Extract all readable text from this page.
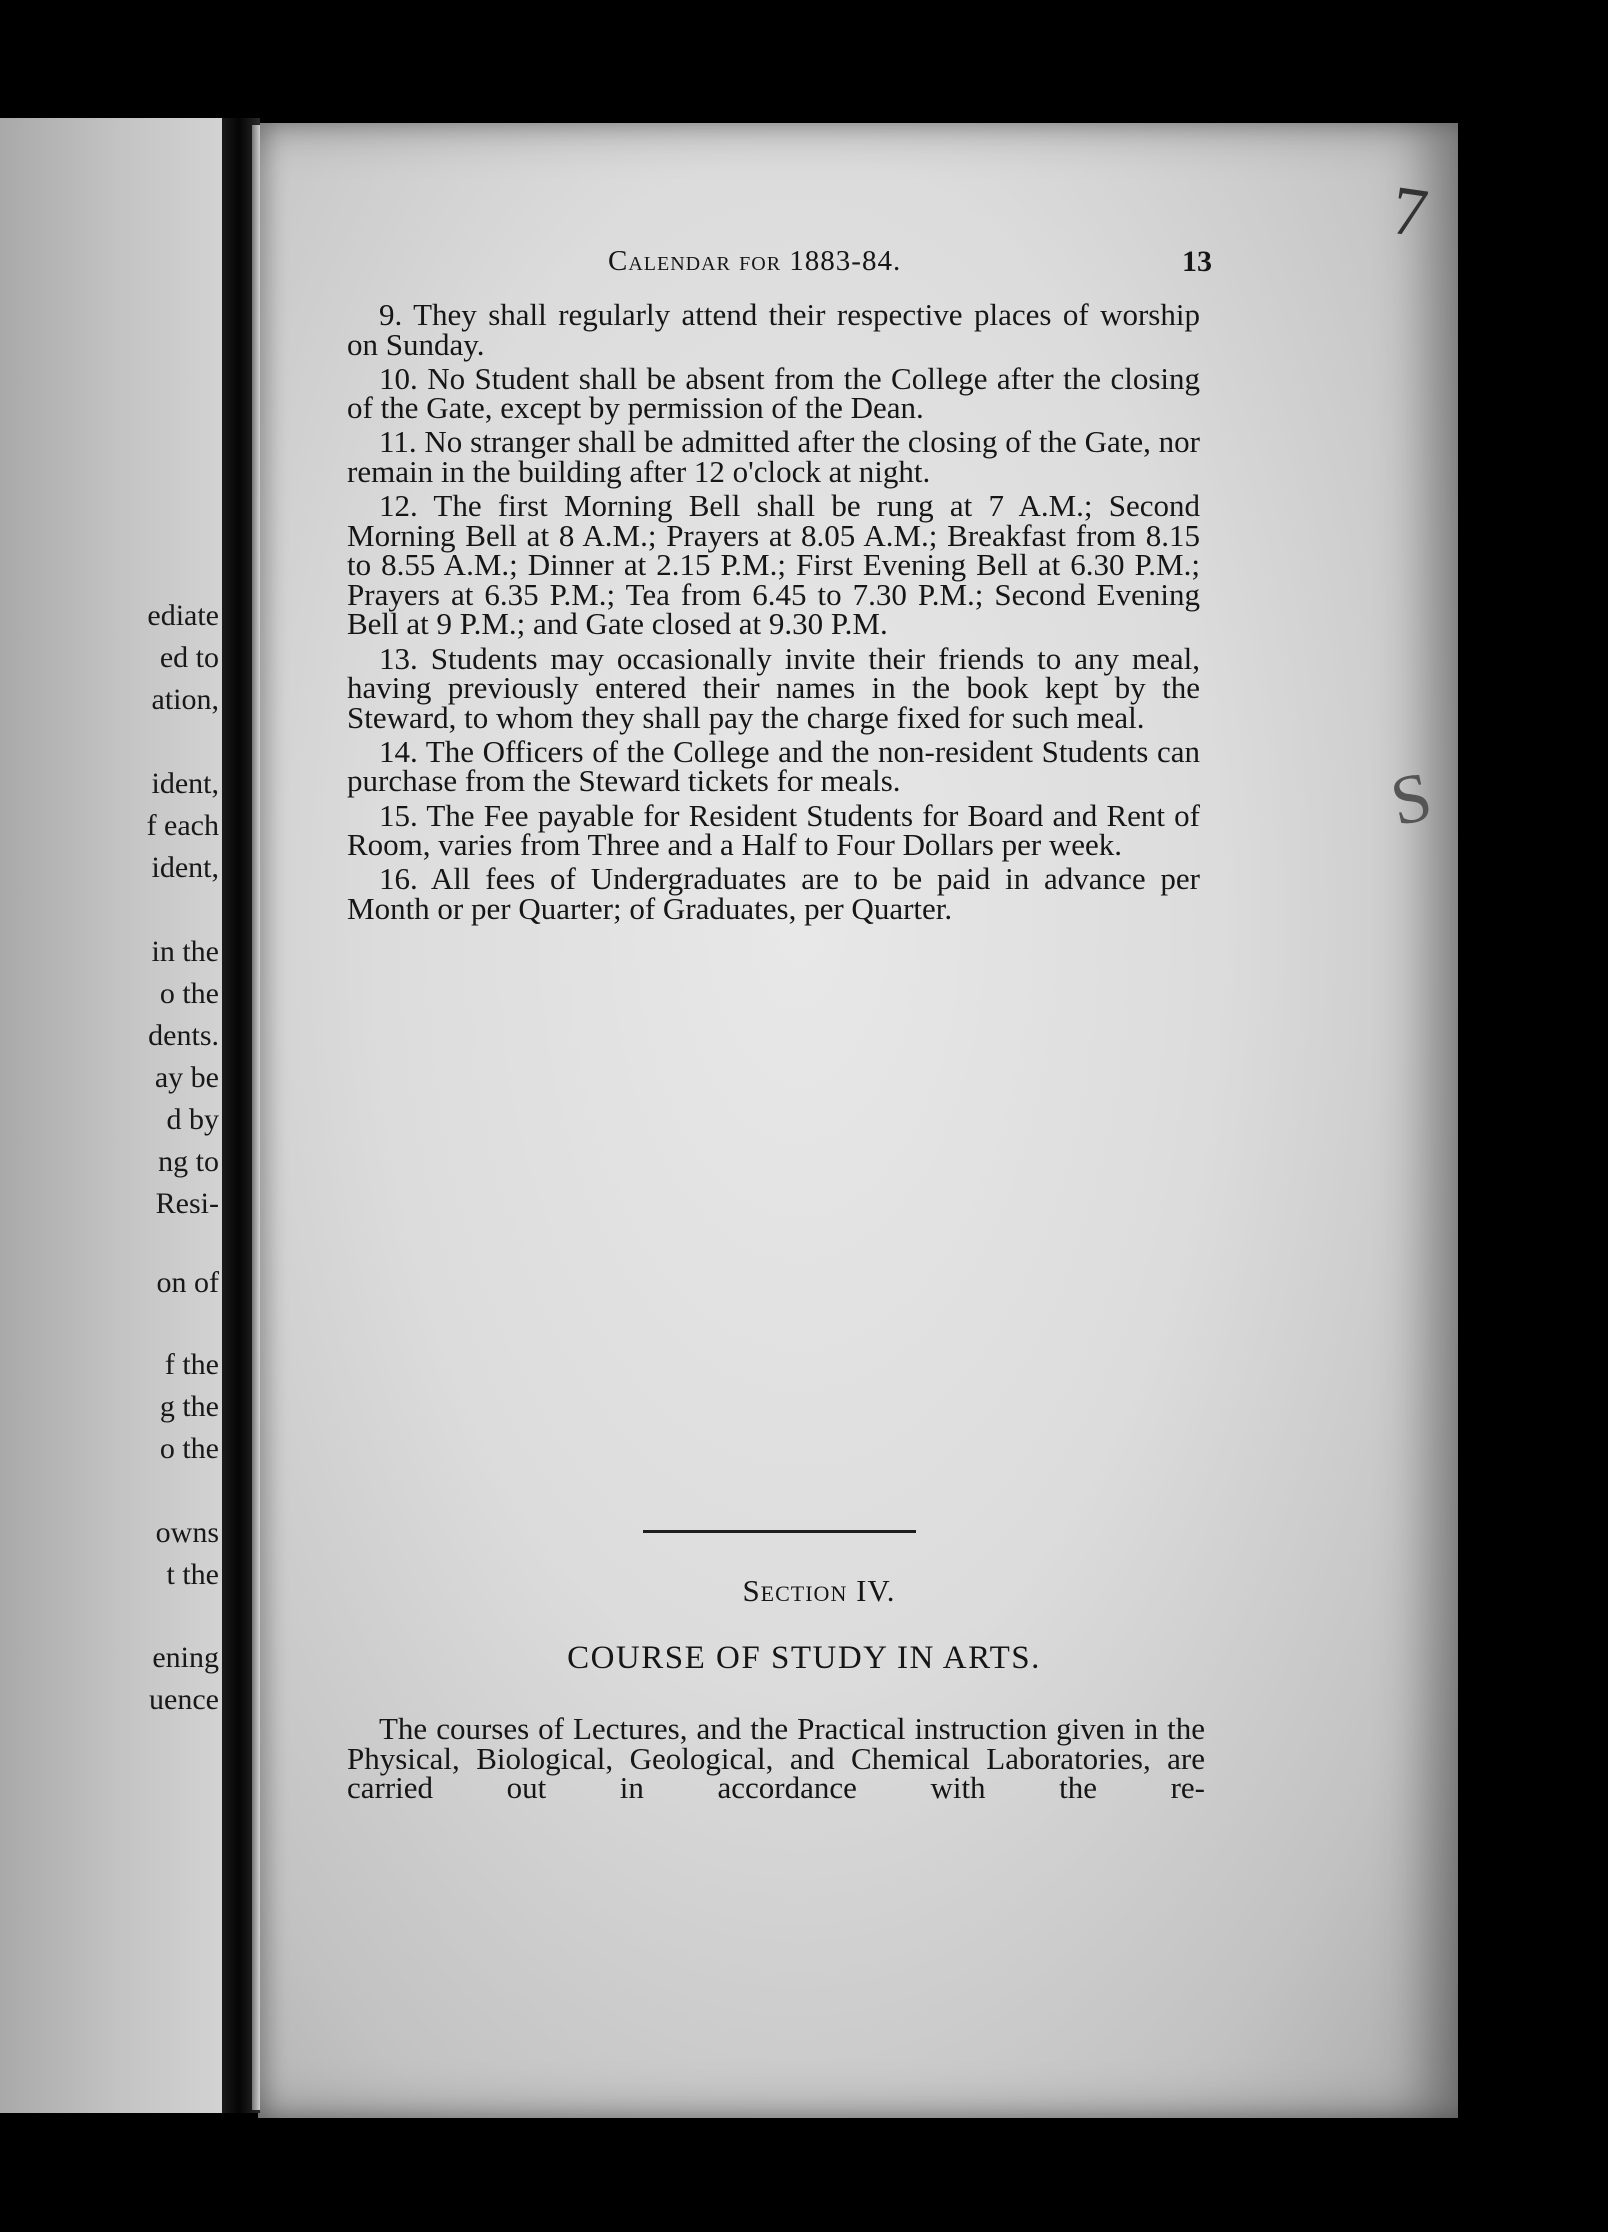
ediate
ed to
ation,
ident,
f each
ident,
in the
o the
dents.
ay be
d by
ng to
Resi-
on of
f the
g the
o the
owns
t the
ening
uence
Calendar for 1883-84.	13

9. They shall regularly attend their respective places of worship on Sunday.

10. No Student shall be absent from the College after the closing of the Gate, except by permission of the Dean.

11. No stranger shall be admitted after the closing of the Gate, nor remain in the building after 12 o'clock at night.

12. The first Morning Bell shall be rung at 7 A.M.; Second Morning Bell at 8 A.M.; Prayers at 8.05 A.M.; Breakfast from 8.15 to 8.55 A.M.; Dinner at 2.15 P.M.; First Evening Bell at 6.30 P.M.; Prayers at 6.35 P.M.; Tea from 6.45 to 7.30 P.M.; Second Evening Bell at 9 P.M.; and Gate closed at 9.30 P.M.

13. Students may occasionally invite their friends to any meal, having previously entered their names in the book kept by the Steward, to whom they shall pay the charge fixed for such meal.

14. The Officers of the College and the non-resident Students can purchase from the Steward tickets for meals.

15. The Fee payable for Resident Students for Board and Rent of Room, varies from Three and a Half to Four Dollars per week.

16. All fees of Undergraduates are to be paid in advance per Month or per Quarter; of Graduates, per Quarter.

Section IV.
COURSE OF STUDY IN ARTS.

The courses of Lectures, and the Practical instruction given in the Physical, Biological, Geological, and Chemical Laboratories, are carried out in accordance with the re-

7
S
